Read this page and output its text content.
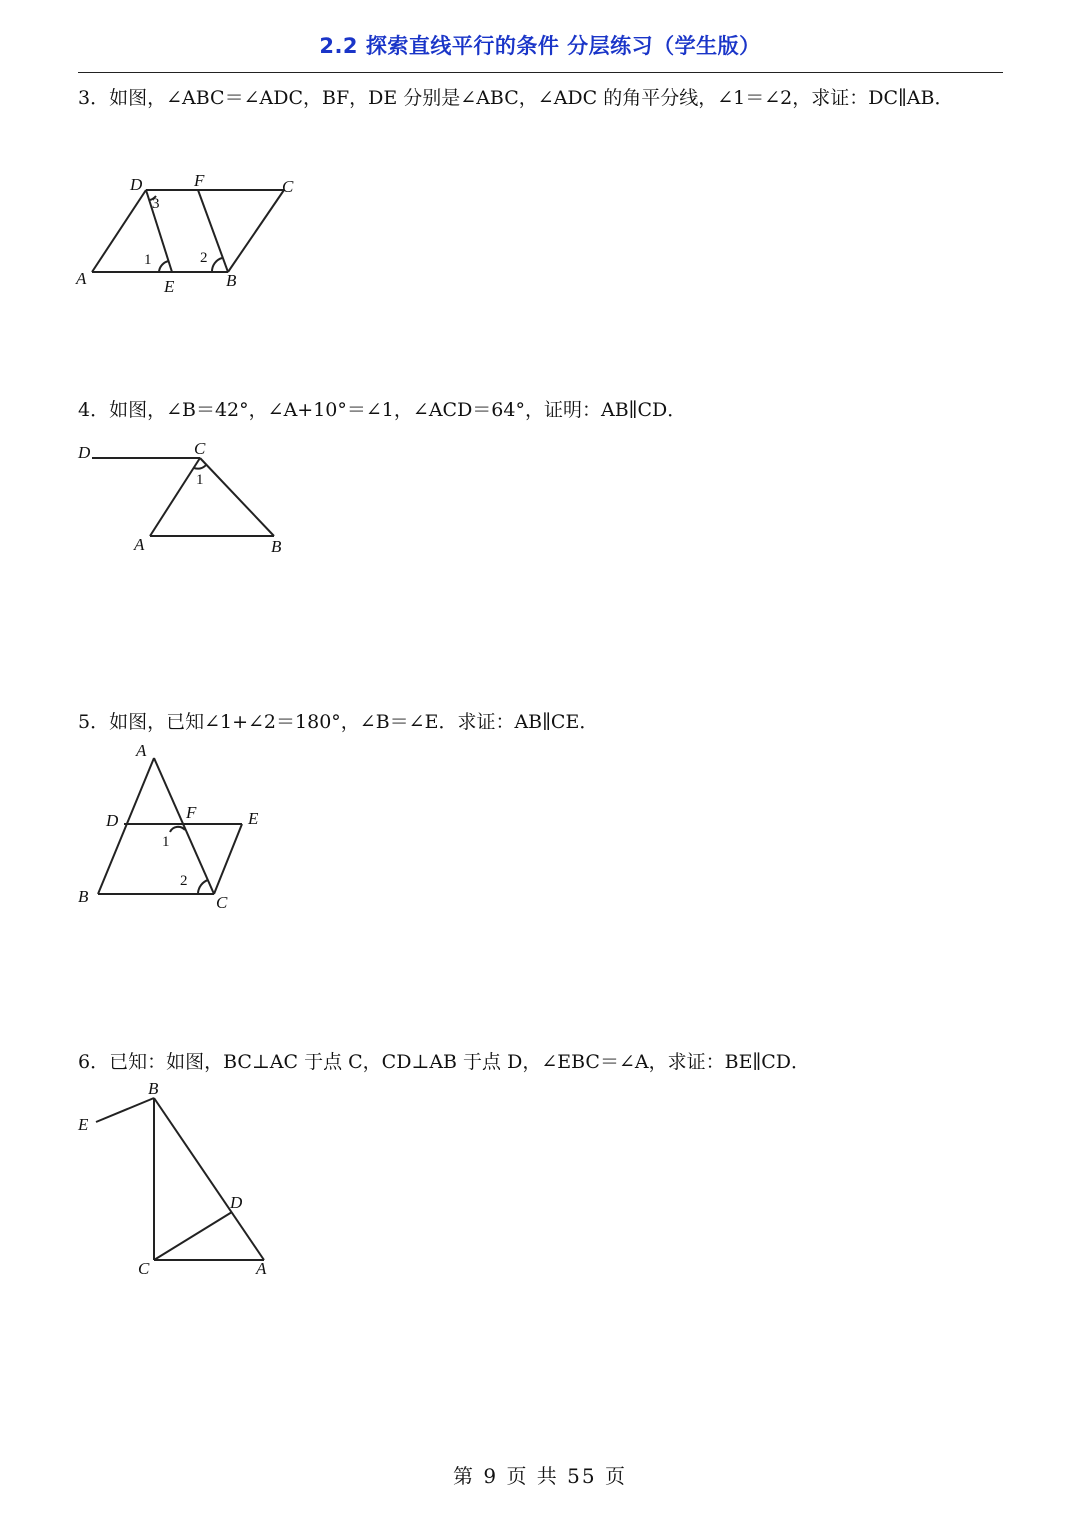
2.2 探索直线平行的条件 分层练习（学生版）
3．如图，∠ABC＝∠ADC，BF，DE 分别是∠ABC，∠ADC 的角平分线，∠1＝∠2，求证：DC∥AB．
D	F	C
A	E	B
1	2
3
4．如图，∠B＝42°，∠A+10°＝∠1，∠ACD＝64°，证明：AB∥CD．
D	C
A	B
1
5．如图，已知∠1+∠2＝180°，∠B＝∠E．求证：AB∥CE．
A
D	F	E
B	C
1
2
6．已知：如图，BC⊥AC 于点 C，CD⊥AB 于点 D，∠EBC＝∠A，求证：BE∥CD．
B
E
D
C	A
第 9 页 共 55 页
